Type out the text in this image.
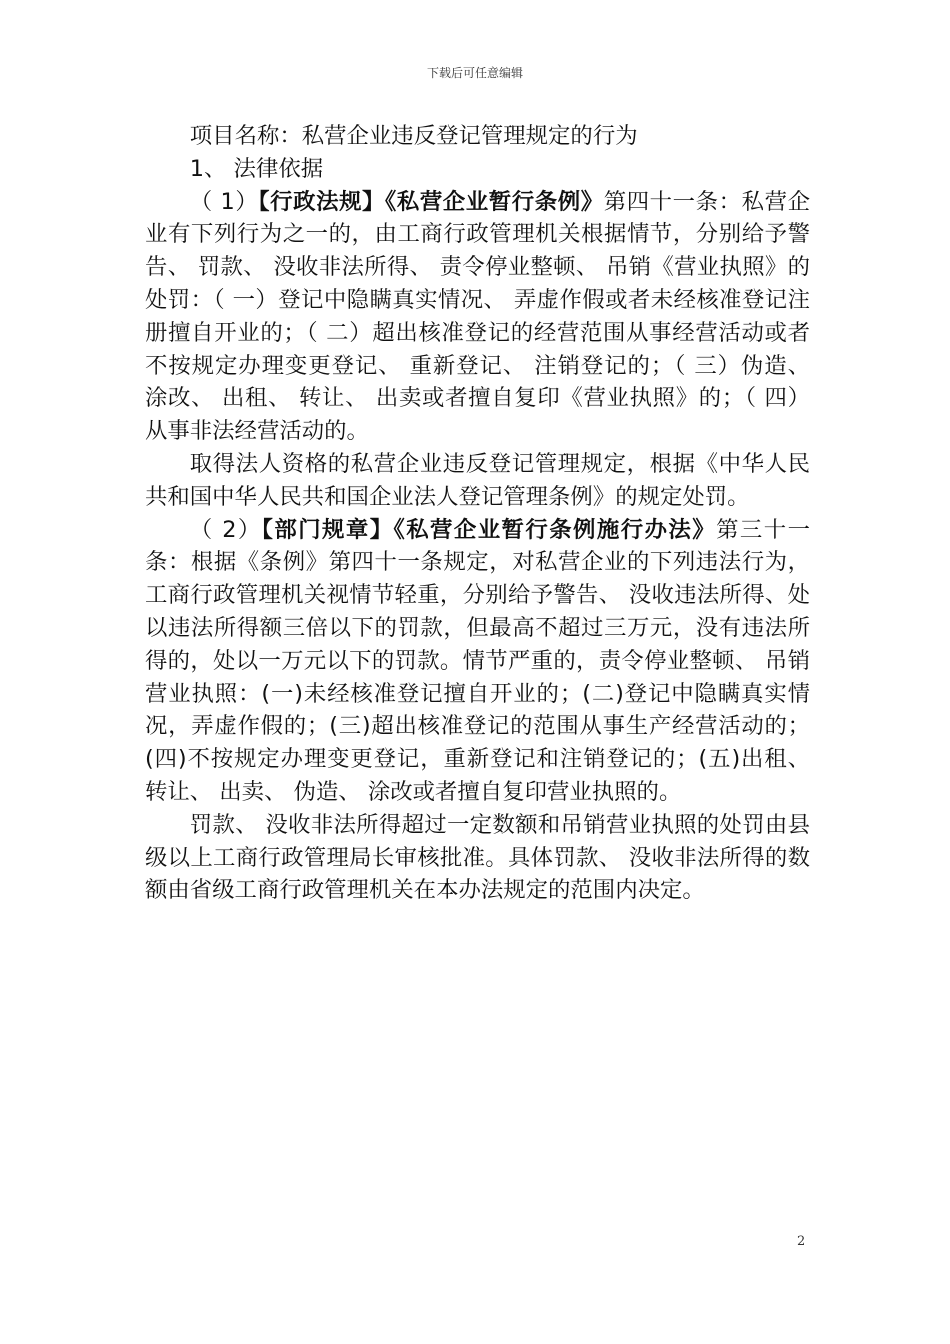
下载后可任意编辑

项目名称：私营企业违反登记管理规定的行为

1、 法律依据

（ 1）【行政法规】《私营企业暂行条例》第四十一条：私营企业有下列行为之一的，由工商行政管理机关根据情节，分别给予警告、 罚款、 没收非法所得、 责令停业整顿、 吊销《营业执照》的处罚：（ 一）登记中隐瞒真实情况、 弄虚作假或者未经核准登记注册擅自开业的；（ 二）超出核准登记的经营范围从事经营活动或者不按规定办理变更登记、 重新登记、 注销登记的；（ 三）伪造、 涂改、 出租、 转让、 出卖或者擅自复印《营业执照》的；（ 四）从事非法经营活动的。

取得法人资格的私营企业违反登记管理规定，根据《中华人民共和国中华人民共和国企业法人登记管理条例》的规定处罚。

（ 2）【部门规章】《私营企业暂行条例施行办法》第三十一条：根据《条例》第四十一条规定，对私营企业的下列违法行为，工商行政管理机关视情节轻重，分别给予警告、 没收违法所得、处以违法所得额三倍以下的罚款，但最高不超过三万元，没有违法所得的，处以一万元以下的罚款。情节严重的，责令停业整顿、 吊销营业执照：(一)未经核准登记擅自开业的；(二)登记中隐瞒真实情况，弄虚作假的；(三)超出核准登记的范围从事生产经营活动的；(四)不按规定办理变更登记，重新登记和注销登记的；(五)出租、 转让、 出卖、 伪造、 涂改或者擅自复印营业执照的。

罚款、 没收非法所得超过一定数额和吊销营业执照的处罚由县级以上工商行政管理局长审核批准。具体罚款、 没收非法所得的数额由省级工商行政管理机关在本办法规定的范围内决定。

2
